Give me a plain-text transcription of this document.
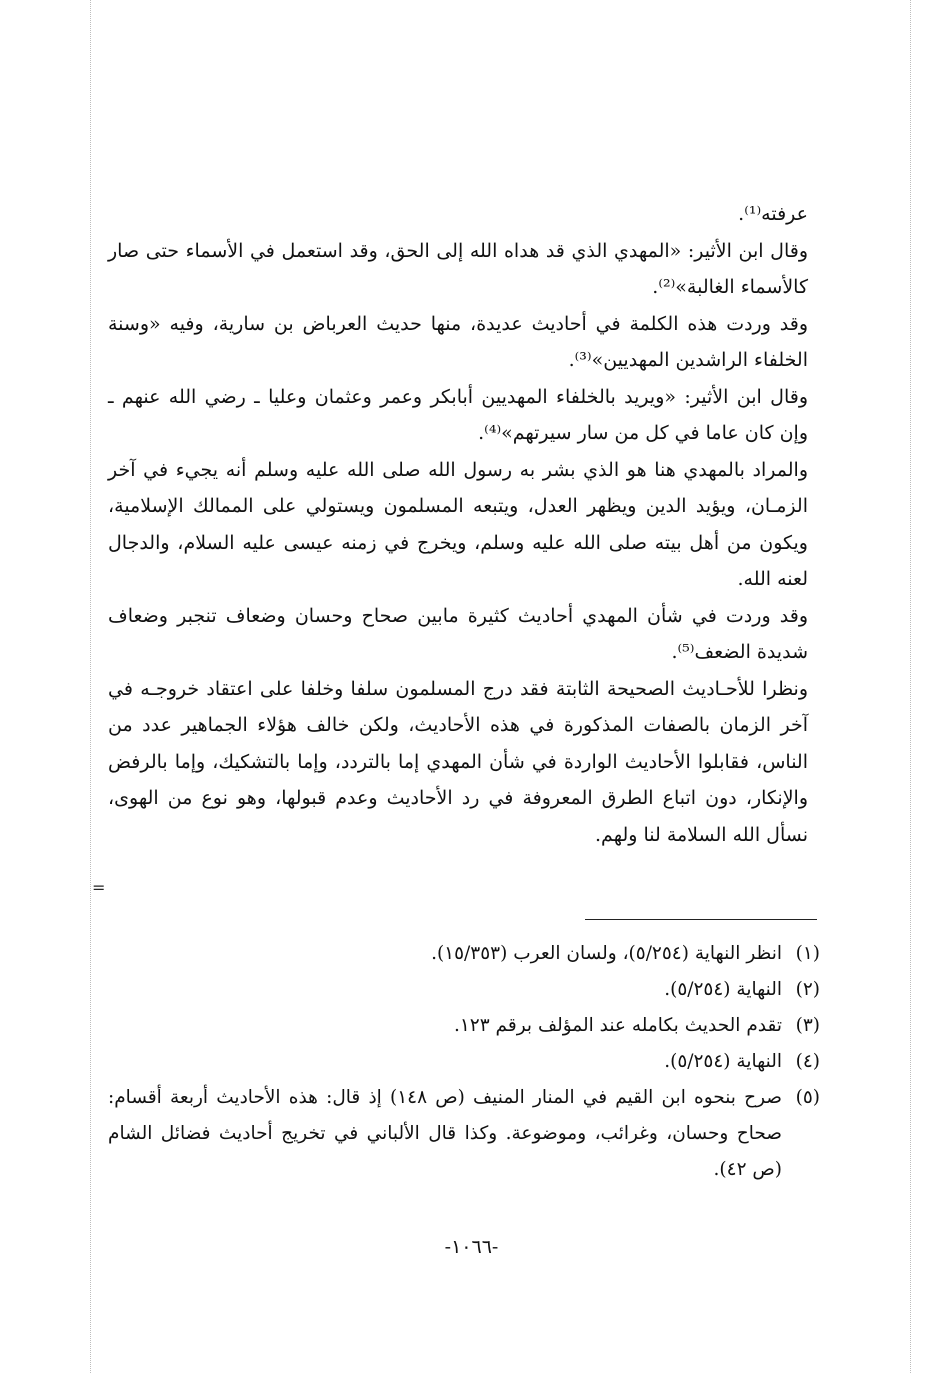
عرفته⁽¹⁾.

وقال ابن الأثير: «المهدي الذي قد هداه الله إلى الحق، وقد استعمل في الأسماء حتى صار كالأسماء الغالبة»⁽²⁾.

وقد وردت هذه الكلمة في أحاديث عديدة، منها حديث العرباض بن سارية، وفيه «وسنة الخلفاء الراشدين المهديين»⁽³⁾.

وقال ابن الأثير: «ويريد بالخلفاء المهديين أبابكر وعمر وعثمان وعليا ـ رضي الله عنهم ـ وإن كان عاما في كل من سار سيرتهم»⁽⁴⁾.

والمراد بالمهدي هنا هو الذي بشر به رسول الله صلى الله عليه وسلم أنه يجيء في آخر الزمـان، ويؤيد الدين ويظهر العدل، ويتبعه المسلمون ويستولي على الممالك الإسلامية، ويكون من أهل بيته صلى الله عليه وسلم، ويخرج في زمنه عيسى عليه السلام، والدجال لعنه الله.

وقد وردت في شأن المهدي أحاديث كثيرة مابين صحاح وحسان وضعاف تنجبر وضعاف شديدة الضعف⁽⁵⁾.

ونظرا للأحـاديث الصحيحة الثابتة فقد درج المسلمون سلفا وخلفا على اعتقاد خروجـه في آخر الزمان بالصفات المذكورة في هذه الأحاديث، ولكن خالف هؤلاء الجماهير عدد من الناس، فقابلوا الأحاديث الواردة في شأن المهدي إما بالتردد، وإما بالتشكيك، وإما بالرفض والإنكار، دون اتباع الطرق المعروفة في رد الأحاديث وعدم قبولها، وهو نوع من الهوى، نسأل الله السلامة لنا ولهم.

=
(١)
انظر النهاية (٥/٢٥٤)، ولسان العرب (١٥/٣٥٣).
(٢)
النهاية (٥/٢٥٤).
(٣)
تقدم الحديث بكامله عند المؤلف برقم ١٢٣.
(٤)
النهاية (٥/٢٥٤).
(٥)
صرح بنحوه ابن القيم في المنار المنيف (ص ١٤٨) إذ قال: هذه الأحاديث أربعة أقسام: صحاح وحسان، وغرائب، وموضوعة. وكذا قال الألباني في تخريج أحاديث فضائل الشام (ص ٤٢).
-١٠٦٦-
